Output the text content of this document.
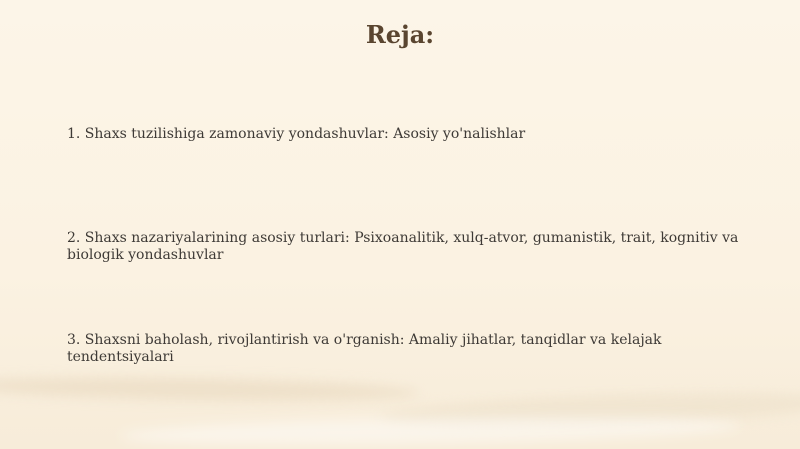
Reja:

1. Shaxs tuzilishiga zamonaviy yondashuvlar: Asosiy yo'nalishlar

2. Shaxs nazariyalarining asosiy turlari: Psixoanalitik, xulq-atvor, gumanistik, trait, kognitiv va biologik yondashuvlar

3. Shaxsni baholash, rivojlantirish va o'rganish: Amaliy jihatlar, tanqidlar va kelajak tendentsiyalari
